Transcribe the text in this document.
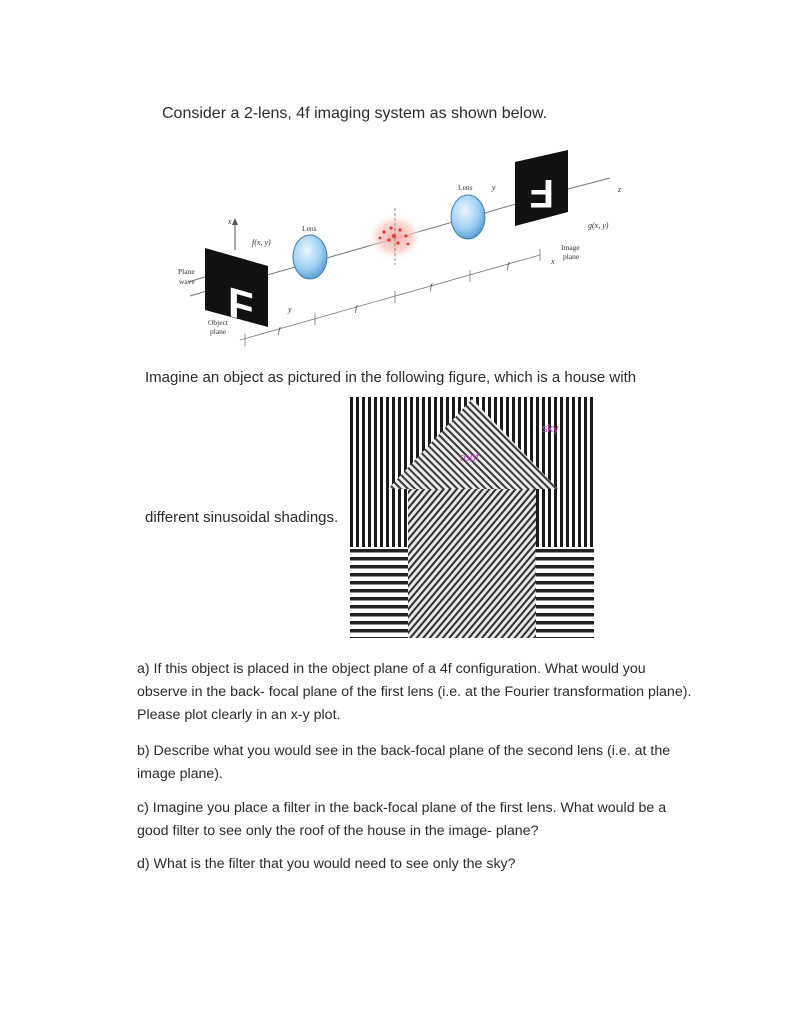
Consider a 2-lens, 4f imaging system as shown below.
Plane
wave F
x
f(x, y)
Object
plane
y
Lens
Lens y F
g(x, y)
Image
plane
x
z
f
f
f
f
Imagine an object as pictured in the following figure, which is a house with
different sinusoidal shadings.
sky
roof
a) If this object is placed in the object plane of a 4f configuration. What would you observe in the back- focal plane of the first lens (i.e. at the Fourier transformation plane). Please plot clearly in an x-y plot.
b) Describe what you would see in the back-focal plane of the second lens (i.e. at the image plane).
c) Imagine you place a filter in the back-focal plane of the first lens. What would be a good filter to see only the roof of the house in the image- plane?
d) What is the filter that you would need to see only the sky?
